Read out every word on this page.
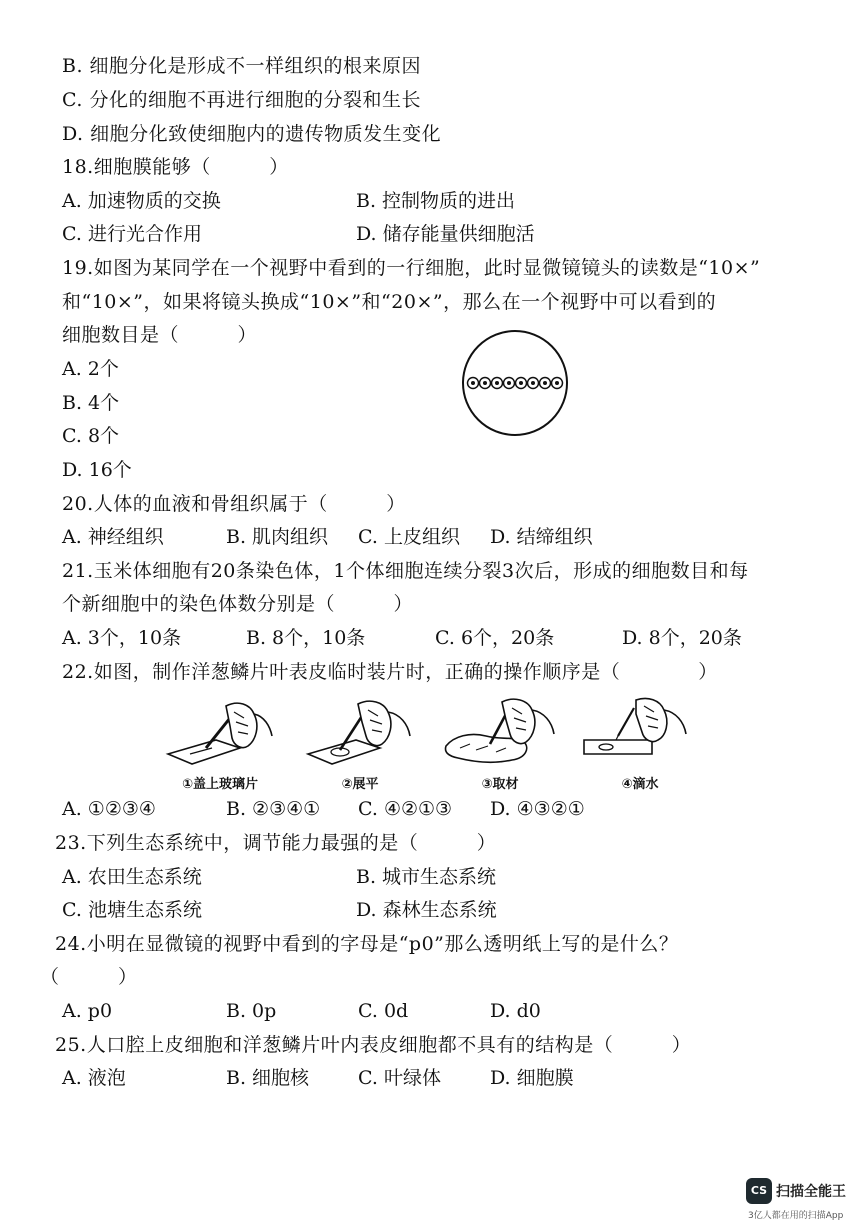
B. 细胞分化是形成不一样组织的根来原因
C. 分化的细胞不再进行细胞的分裂和生长
D. 细胞分化致使细胞内的遗传物质发生变化
18.细胞膜能够（　　　）
A. 加速物质的交换	B. 控制物质的进出
C. 进行光合作用	D. 储存能量供细胞活
19.如图为某同学在一个视野中看到的一行细胞，此时显微镜镜头的读数是“10×”
和“10×”，如果将镜头换成“10×”和“20×”，那么在一个视野中可以看到的
细胞数目是（　　　）
A. 2个
B. 4个
C. 8个
D. 16个
20.人体的血液和骨组织属于（　　　）
A. 神经组织	B. 肌肉组织 C. 上皮组织 D. 结缔组织
21.玉米体细胞有20条染色体，1个体细胞连续分裂3次后，形成的细胞数目和每
个新细胞中的染色体数分别是（　　　）
A. 3个，10条	B. 8个，10条	C. 6个，20条	D. 8个，20条
22.如图，制作洋葱鳞片叶表皮临时装片时，正确的操作顺序是（　　　　）
①盖上玻璃片	②展平	③取材	④滴水
A. ①②③④	B. ②③④① C. ④②①③ D. ④③②①
23.下列生态系统中，调节能力最强的是（　　　）
A. 农田生态系统	B. 城市生态系统
C. 池塘生态系统	D. 森林生态系统
24.小明在显微镜的视野中看到的字母是“p0”那么透明纸上写的是什么？
（　　　）
A. p0	B. 0p	C. 0d	D. d0
25.人口腔上皮细胞和洋葱鳞片叶内表皮细胞都不具有的结构是（　　　）
A. 液泡	B. 细胞核	C. 叶绿体	D. 细胞膜
CS 扫描全能王
3亿人都在用的扫描App
